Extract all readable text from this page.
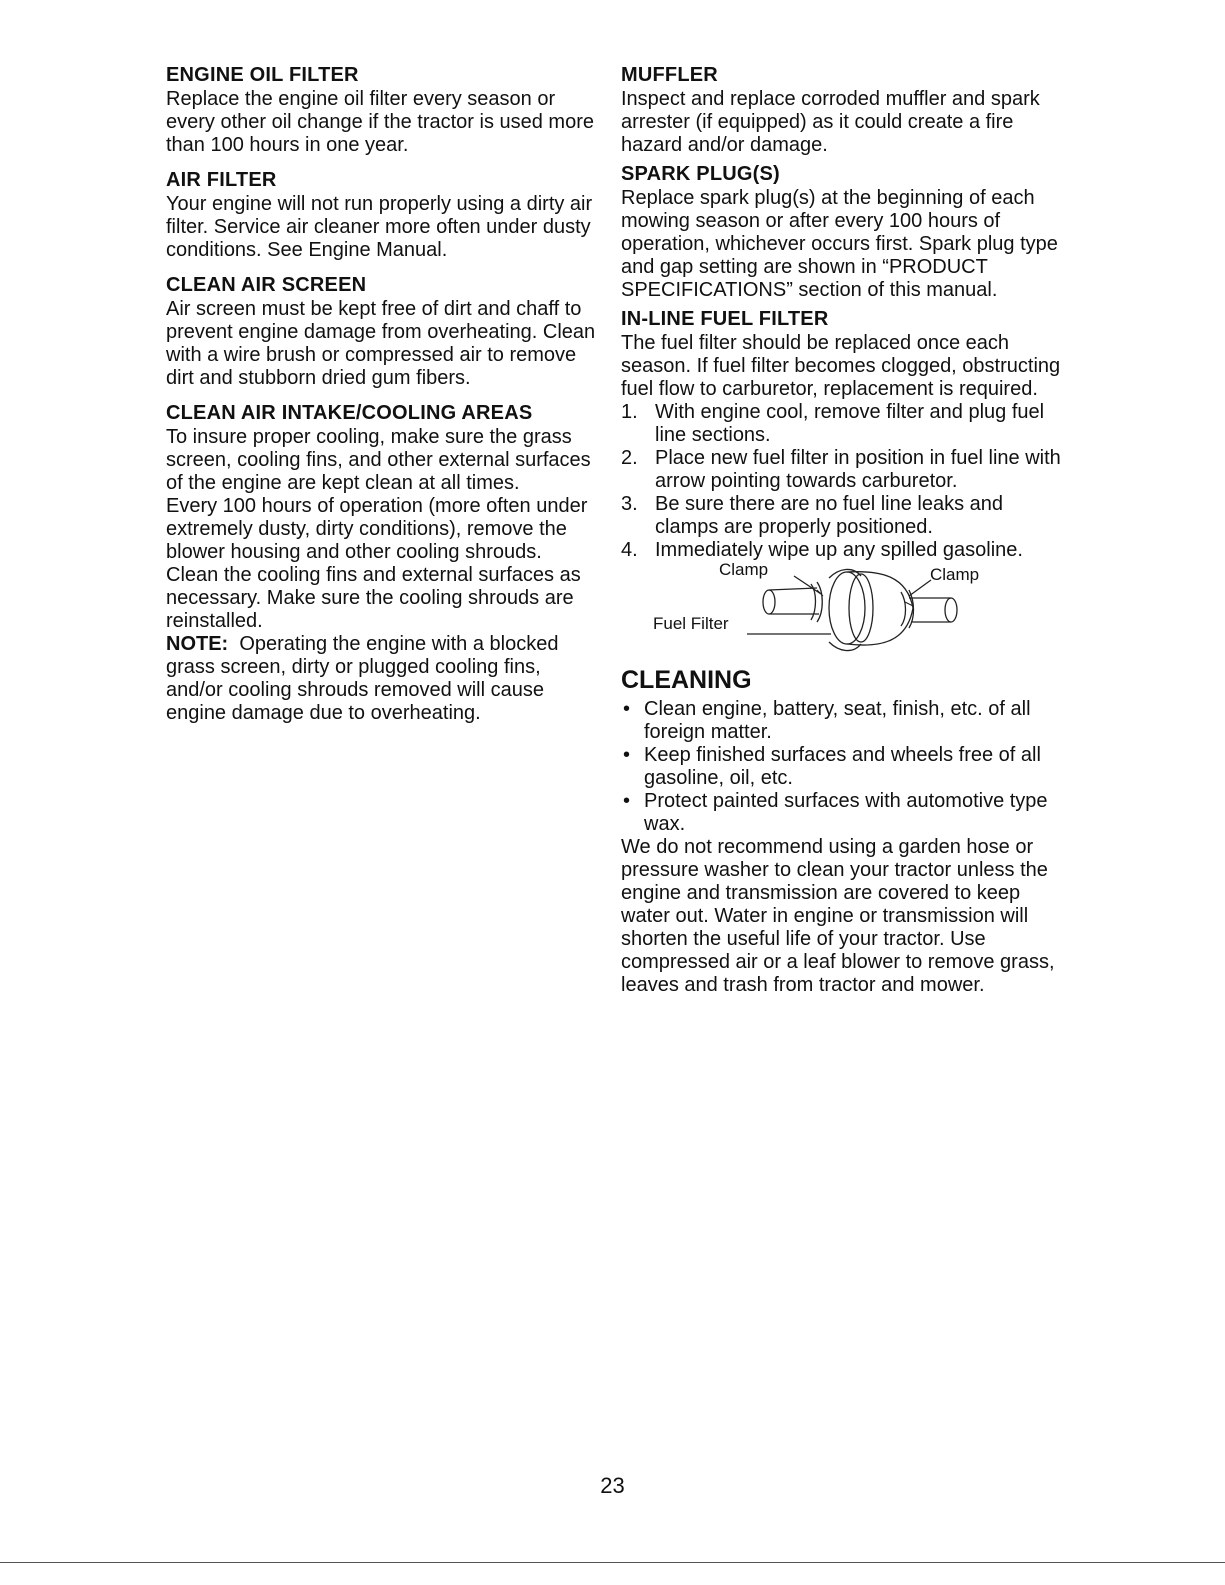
ENGINE OIL FILTER

Replace the engine oil filter every season or every other oil change if the tractor is used more than 100 hours in one year.

AIR FILTER

Your engine will not run properly using a dirty air filter. Service air cleaner more often under dusty conditions. See Engine Manual.

CLEAN AIR SCREEN

Air screen must be kept free of dirt and chaff to prevent engine damage from overheating. Clean with a wire brush or compressed air to remove dirt and stubborn dried gum fibers.

CLEAN AIR INTAKE/COOLING AREAS

To insure proper cooling, make sure the grass screen, cooling fins, and other external surfaces of the engine are kept clean at all times.

Every 100 hours of operation (more often under extremely dusty, dirty conditions), remove the blower housing and other cooling shrouds. Clean the cooling fins and external surfaces as necessary. Make sure the cooling shrouds are reinstalled.

NOTE: Operating the engine with a blocked grass screen, dirty or plugged cooling fins, and/or cooling shrouds removed will cause engine damage due to overheating.

MUFFLER

Inspect and replace corroded muffler and spark arrester (if equipped) as it could create a fire hazard and/or damage.

SPARK PLUG(S)

Replace spark plug(s) at the beginning of each mowing season or after every 100 hours of operation, whichever occurs first. Spark plug type and gap setting are shown in “PRODUCT SPECIFICATIONS” section of this manual.

IN-LINE FUEL FILTER

The fuel filter should be replaced once each season. If fuel filter becomes clogged, obstructing fuel flow to carburetor, replacement is required.

1. With engine cool, remove filter and plug fuel line sections.
2. Place new fuel filter in position in fuel line with arrow pointing towards carburetor.
3. Be sure there are no fuel line leaks and clamps are properly positioned.
4. Immediately wipe up any spilled gasoline.
Clamp	Clamp
Fuel Filter
CLEANING
• Clean engine, battery, seat, finish, etc. of all foreign matter.
• Keep finished surfaces and wheels free of all gasoline, oil, etc.
• Protect painted surfaces with automotive type wax.

We do not recommend using a garden hose or pressure washer to clean your tractor unless the engine and transmission are covered to keep water out. Water in engine or transmission will shorten the useful life of your tractor. Use compressed air or a leaf blower to remove grass, leaves and trash from tractor and mower.

23
